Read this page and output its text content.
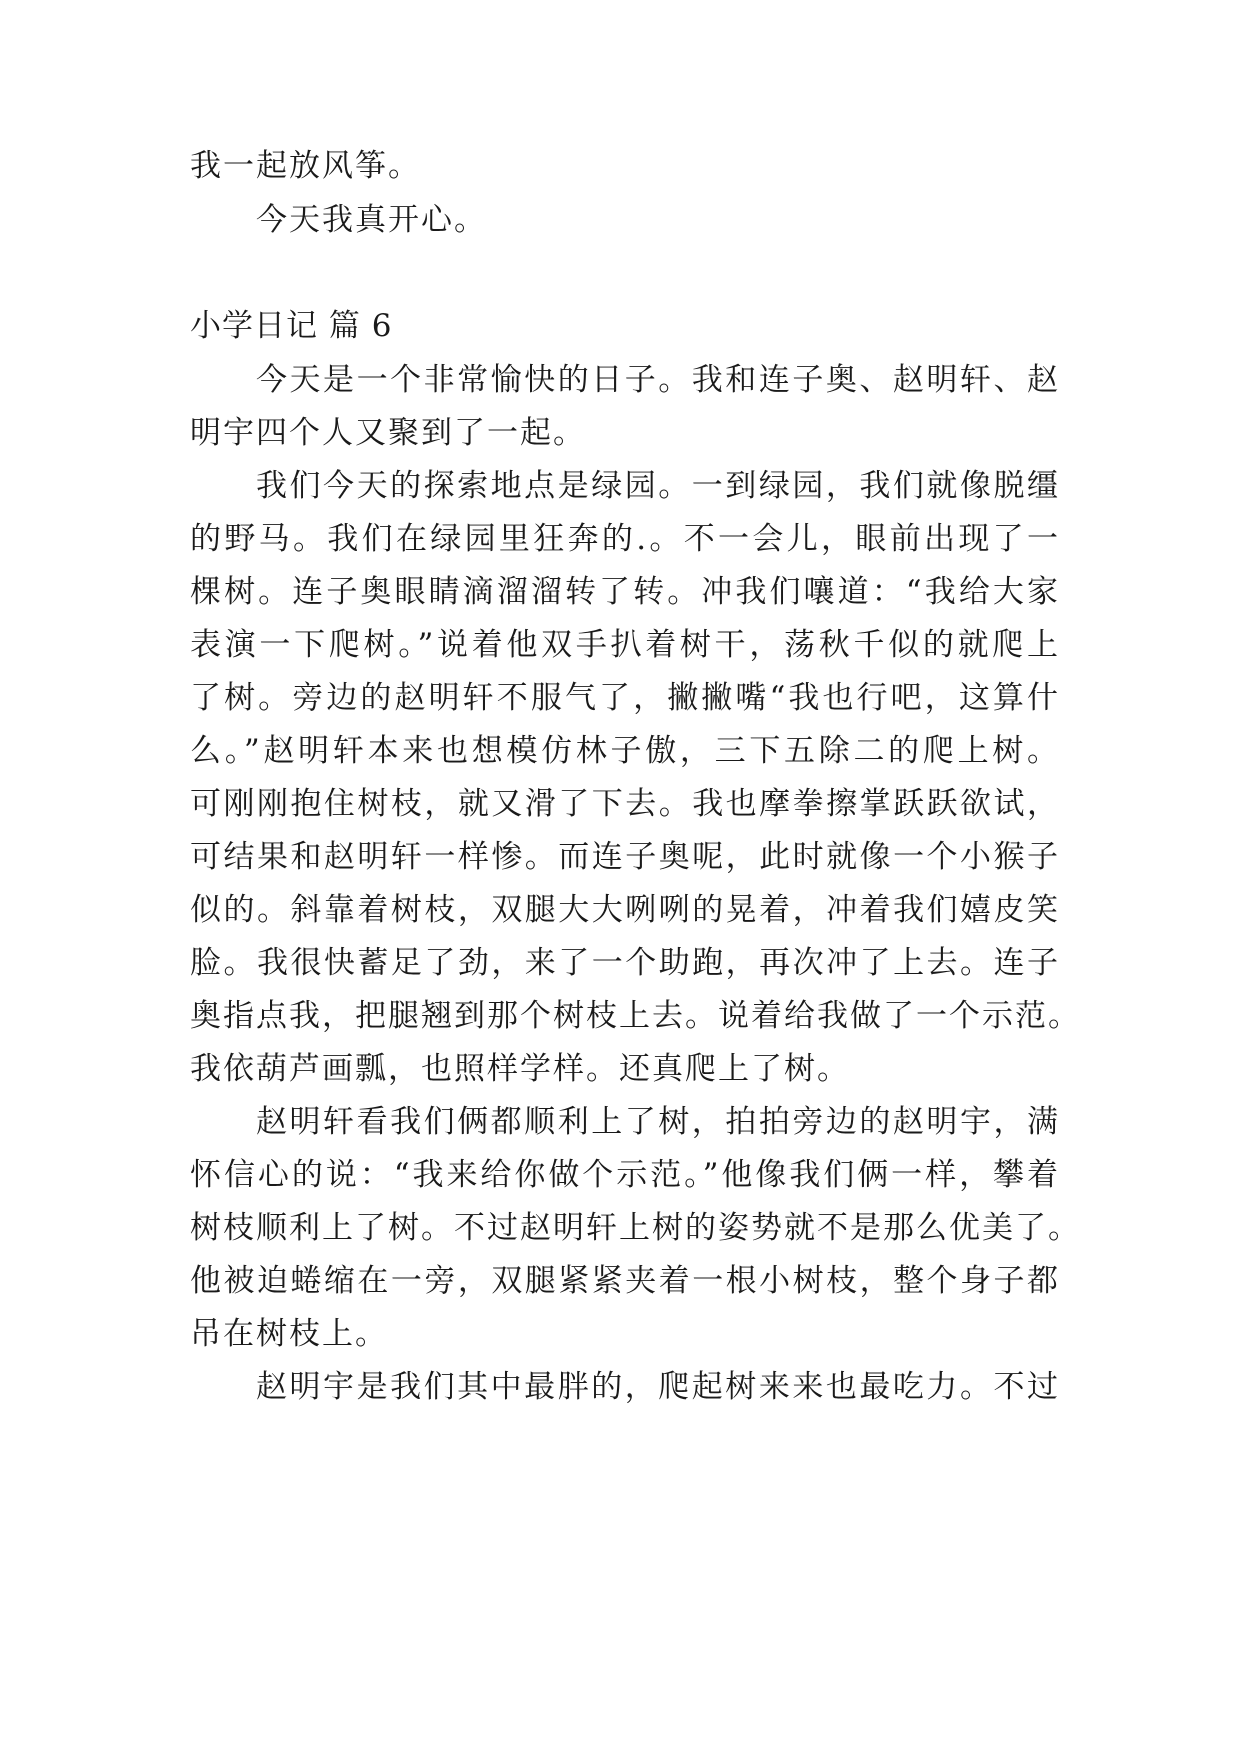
我一起放风筝。
今天我真开心。
小学日记 篇 6
今天是一个非常愉快的日子。我和连子奥、赵明轩、赵
明宇四个人又聚到了一起。
我们今天的探索地点是绿园。一到绿园，我们就像脱缰
的野马。我们在绿园里狂奔的.。不一会儿，眼前出现了一
棵树。连子奥眼睛滴溜溜转了转。冲我们嚷道：“我给大家
表演一下爬树。”说着他双手扒着树干，荡秋千似的就爬上
了树。旁边的赵明轩不服气了，撇撇嘴“我也行吧，这算什
么。”赵明轩本来也想模仿林子傲，三下五除二的爬上树。
可刚刚抱住树枝，就又滑了下去。我也摩拳擦掌跃跃欲试，
可结果和赵明轩一样惨。而连子奥呢，此时就像一个小猴子
似的。斜靠着树枝，双腿大大咧咧的晃着，冲着我们嬉皮笑
脸。我很快蓄足了劲，来了一个助跑，再次冲了上去。连子
奥指点我，把腿翘到那个树枝上去。说着给我做了一个示范。
我依葫芦画瓢，也照样学样。还真爬上了树。
赵明轩看我们俩都顺利上了树，拍拍旁边的赵明宇，满
怀信心的说：“我来给你做个示范。”他像我们俩一样，攀着
树枝顺利上了树。不过赵明轩上树的姿势就不是那么优美了。
他被迫蜷缩在一旁，双腿紧紧夹着一根小树枝，整个身子都
吊在树枝上。
赵明宇是我们其中最胖的，爬起树来来也最吃力。不过
